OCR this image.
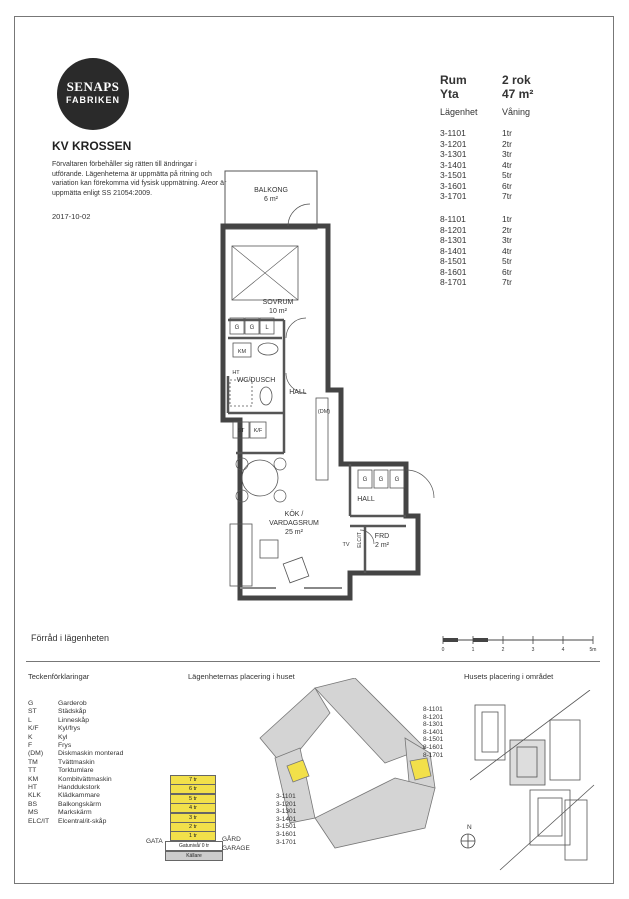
SENAPS
FABRIKEN
KV KROSSEN
Förvaltaren förbehåller sig rätten till ändringar i utförande. Lägenheterna är uppmätta på ritning och variation kan förekomma vid fysisk uppmätning. Areor är uppmätta enligt SS 21054:2009.
2017-10-02
Rum	2 rok
Yta	47 m²
Lägenhet	Våning
3-1101	1tr
3-1201	2tr
3-1301	3tr
3-1401	4tr
3-1501	5tr
3-1601	6tr
3-1701	7tr
8-1101	1tr
8-1201	2tr
8-1301	3tr
8-1401	4tr
8-1501	5tr
8-1601	6tr
8-1701	7tr
BALKONG
6 m²
SOVRUM
10 m²
G G L
KM
HT
WC/DUSCH
HALL
(DM)
ST K/F
G G G
HALL
KÖK /
VARDAGSRUM
25 m²
FRD
2 m²
TV ELC/IT
Förråd i lägenheten
0	1	2	3	4	5m
Teckenförklaringar
G	Garderob
ST	Städskåp
L	Linneskåp
K/F	Kyl/frys
K	Kyl
F	Frys
(DM)	Diskmaskin monterad
TM	Tvättmaskin
TT	Torktumlare
KM	Kombitvättmaskin
HT	Handdukstork
KLK	Klädkammare
BS	Balkongskärm
MS	Markskärm
ELC/IT	Elcentral/it-skåp
Lägenheternas placering i huset
7 tr
6 tr
5 tr
4 tr
3 tr
2 tr
1 tr
Gatunivå/ 0 tr
Källare
GATA	GÅRD
GARAGE
8-1101
8-1201
8-1301
8-1401
8-1501
8-1601
8-1701
3-1101
3-1201
3-1301
3-1401
3-1501
3-1601
3-1701
N
Husets placering i området
